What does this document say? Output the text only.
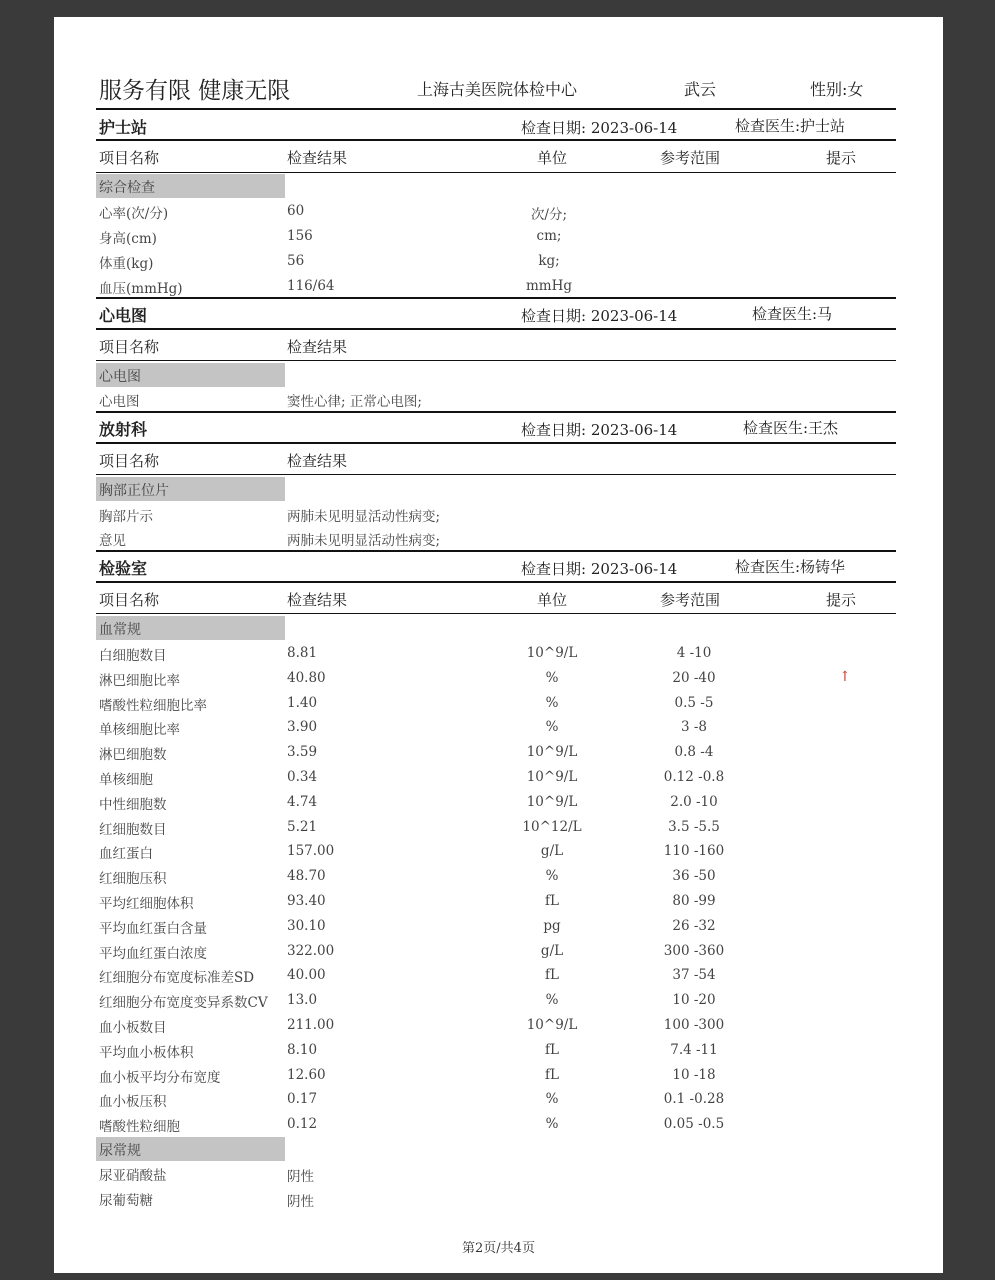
服务有限 健康无限	上海古美医院体检中心	武云	性别:女
护士站	检查日期: 2023-06-14	检查医生:护士站
项目名称	检查结果	单位	参考范围	提示
综合检查
心率(次/分)	60	次/分;
身高(cm)	156	cm;
体重(kg)	56	kg;
血压(mmHg)	116/64	mmHg
心电图	检查日期: 2023-06-14	检查医生:马
项目名称	检查结果
心电图
心电图	窦性心律; 正常心电图;
放射科	检查日期: 2023-06-14	检查医生:王杰
项目名称	检查结果
胸部正位片
胸部片示	两肺未见明显活动性病变;
意见	两肺未见明显活动性病变;
检验室	检查日期: 2023-06-14	检查医生:杨铸华
项目名称	检查结果	单位	参考范围	提示
血常规
白细胞数目	8.81	10^9/L	4 -10
淋巴细胞比率	40.80	%	20 -40	↑
嗜酸性粒细胞比率	1.40	%	0.5 -5
单核细胞比率	3.90	%	3 -8
淋巴细胞数	3.59	10^9/L	0.8 -4
单核细胞	0.34	10^9/L	0.12 -0.8
中性细胞数	4.74	10^9/L	2.0 -10
红细胞数目	5.21	10^12/L	3.5 -5.5
血红蛋白	157.00	g/L	110 -160
红细胞压积	48.70	%	36 -50
平均红细胞体积	93.40	fL	80 -99
平均血红蛋白含量	30.10	pg	26 -32
平均血红蛋白浓度	322.00	g/L	300 -360
红细胞分布宽度标准差SD 40.00	fL	37 -54
红细胞分布宽度变异系数CV 13.0	%	10 -20
血小板数目	211.00	10^9/L	100 -300
平均血小板体积	8.10	fL	7.4 -11
血小板平均分布宽度	12.60	fL	10 -18
血小板压积	0.17	%	0.1 -0.28
嗜酸性粒细胞	0.12	%	0.05 -0.5
尿常规
尿亚硝酸盐	阴性
尿葡萄糖	阴性
第2页/共4页
